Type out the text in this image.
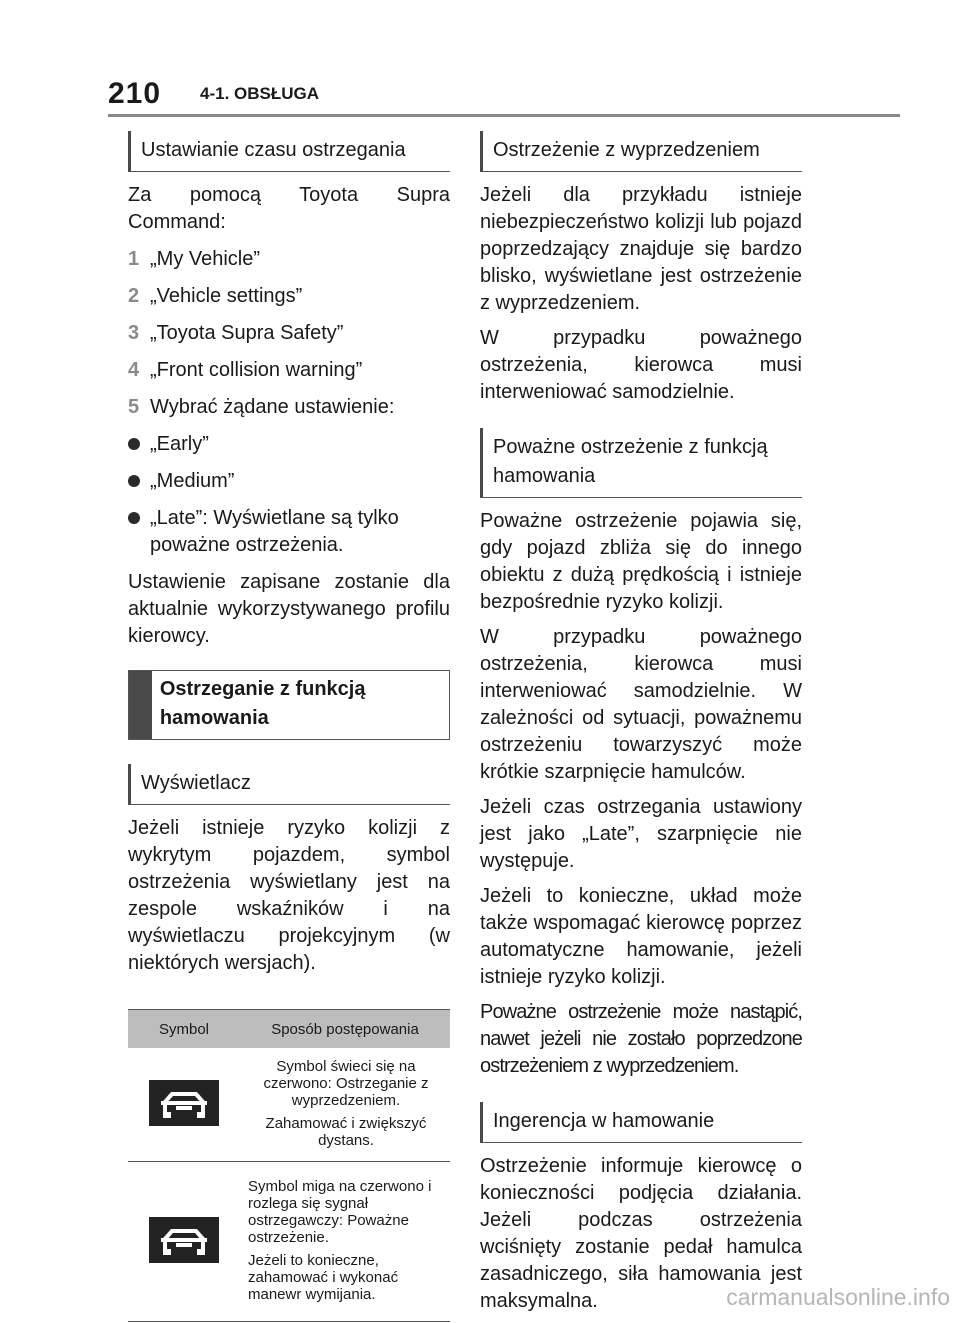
210 4-1. OBSŁUGA
Ustawianie czasu ostrzegania

Za pomocą Toyota Supra Command:

1 „My Vehicle”
2 „Vehicle settings”
3 „Toyota Supra Safety”
4 „Front collision warning”
5 Wybrać żądane ustawienie:
„Early”
„Medium”
„Late”: Wyświetlane są tylko poważne ostrzeżenia.

Ustawienie zapisane zostanie dla aktualnie wykorzystywanego profilu kierowcy.

Ostrzeganie z funkcją hamowania
Wyświetlacz

Jeżeli istnieje ryzyko kolizji z wykrytym pojazdem, symbol ostrzeżenia wyświetlany jest na zespole wskaźników i na wyświetlaczu projekcyjnym (w niektórych wersjach).

Symbol	Sposób postępowania

Symbol świeci się na czerwono: Ostrzeganie z wyprzedzeniem.
Zahamować i zwiększyć dystans.

Symbol miga na czerwono i rozlega się sygnał ostrzegawczy: Poważne ostrzeżenie.
Jeżeli to konieczne, zahamować i wykonać manewr wymijania.
Ostrzeżenie z wyprzedzeniem

Jeżeli dla przykładu istnieje niebezpieczeństwo kolizji lub pojazd poprzedzający znajduje się bardzo blisko, wyświetlane jest ostrzeżenie z wyprzedzeniem.

W przypadku poważnego ostrzeżenia, kierowca musi interweniować samodzielnie.

Poważne ostrzeżenie z funkcją hamowania

Poważne ostrzeżenie pojawia się, gdy pojazd zbliża się do innego obiektu z dużą prędkością i istnieje bezpośrednie ryzyko kolizji.

W przypadku poważnego ostrzeżenia, kierowca musi interweniować samodzielnie. W zależności od sytuacji, poważnemu ostrzeżeniu towarzyszyć może krótkie szarpnięcie hamulców.

Jeżeli czas ostrzegania ustawiony jest jako „Late”, szarpnięcie nie występuje.

Jeżeli to konieczne, układ może także wspomagać kierowcę poprzez automatyczne hamowanie, jeżeli istnieje ryzyko kolizji.

Poważne ostrzeżenie może nastąpić, nawet jeżeli nie zostało poprzedzone ostrzeżeniem z wyprzedzeniem.

Ingerencja w hamowanie

Ostrzeżenie informuje kierowcę o konieczności podjęcia działania. Jeżeli podczas ostrzeżenia wciśnięty zostanie pedał hamulca zasadniczego, siła hamowania jest maksymalna.	carmanualsonline.info
